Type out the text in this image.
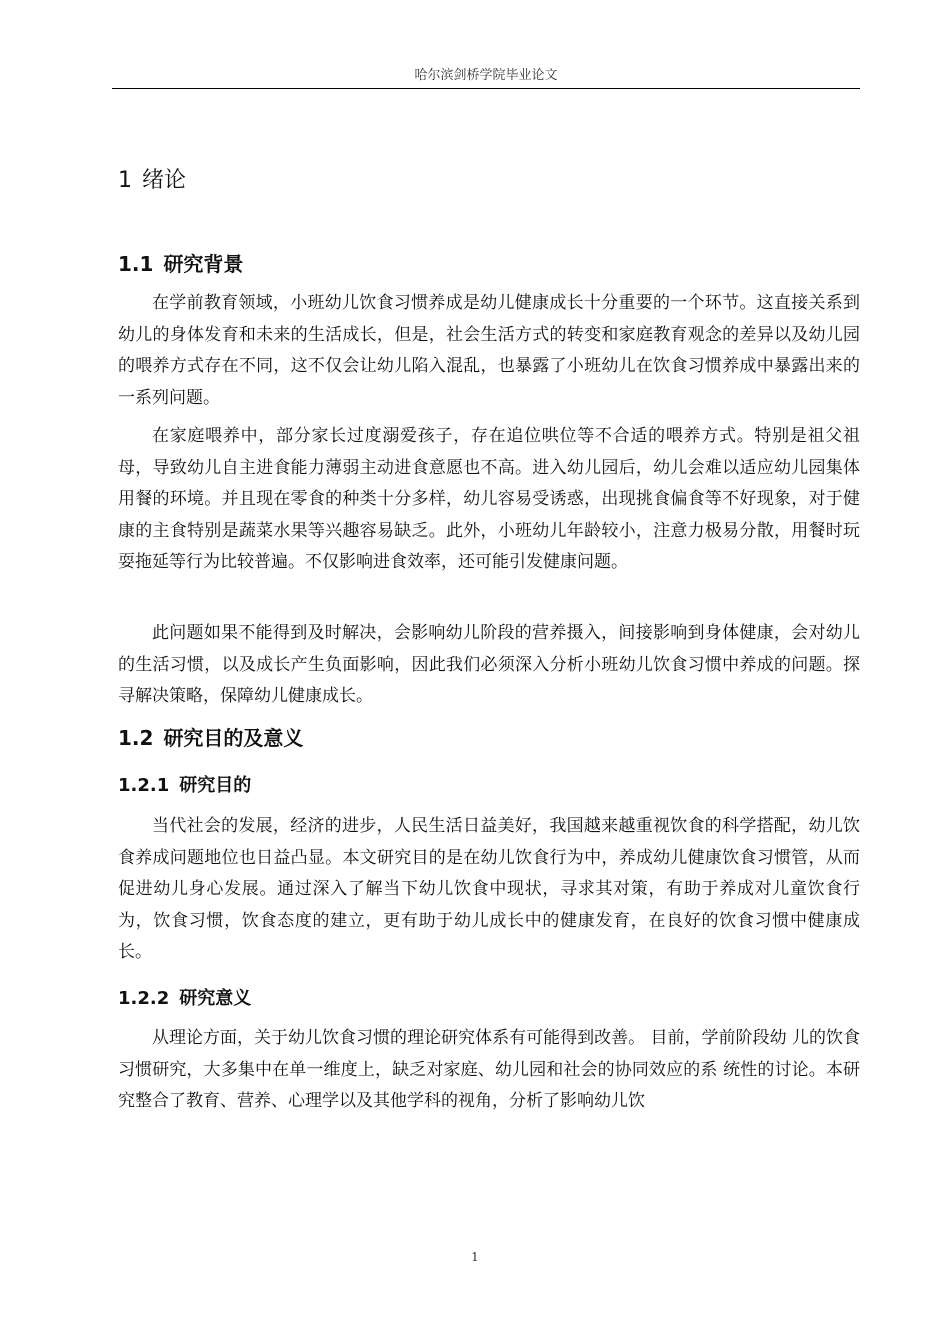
哈尔滨剑桥学院毕业论文
1 绪论
1.1 研究背景

在学前教育领域，小班幼儿饮食习惯养成是幼儿健康成长十分重要的一个环节。这直接关系到幼儿的身体发育和未来的生活成长，但是，社会生活方式的转变和家庭教育观念的差异以及幼儿园的喂养方式存在不同，这不仅会让幼儿陷入混乱，也暴露了小班幼儿在饮食习惯养成中暴露出来的一系列问题。

在家庭喂养中，部分家长过度溺爱孩子，存在追位哄位等不合适的喂养方式。特别是祖父祖母，导致幼儿自主进食能力薄弱主动进食意愿也不高。进入幼儿园后，幼儿会难以适应幼儿园集体用餐的环境。并且现在零食的种类十分多样，幼儿容易受诱惑，出现挑食偏食等不好现象，对于健康的主食特别是蔬菜水果等兴趣容易缺乏。此外，小班幼儿年龄较小，注意力极易分散，用餐时玩耍拖延等行为比较普遍。不仅影响进食效率，还可能引发健康问题。

此问题如果不能得到及时解决，会影响幼儿阶段的营养摄入，间接影响到身体健康，会对幼儿的生活习惯，以及成长产生负面影响，因此我们必须深入分析小班幼儿饮食习惯中养成的问题。探寻解决策略，保障幼儿健康成长。

1.2 研究目的及意义
1.2.1 研究目的

当代社会的发展，经济的进步，人民生活日益美好，我国越来越重视饮食的科学搭配，幼儿饮食养成问题地位也日益凸显。本文研究目的是在幼儿饮食行为中，养成幼儿健康饮食习惯管，从而促进幼儿身心发展。通过深入了解当下幼儿饮食中现状，寻求其对策，有助于养成对儿童饮食行为，饮食习惯，饮食态度的建立，更有助于幼儿成长中的健康发育，在良好的饮食习惯中健康成长。

1.2.2 研究意义

从理论方面，关于幼儿饮食习惯的理论研究体系有可能得到改善。 目前，学前阶段幼 儿的饮食习惯研究，大多集中在单一维度上，缺乏对家庭、幼儿园和社会的协同效应的系 统性的讨论。本研究整合了教育、营养、心理学以及其他学科的视角，分析了影响幼儿饮

1
